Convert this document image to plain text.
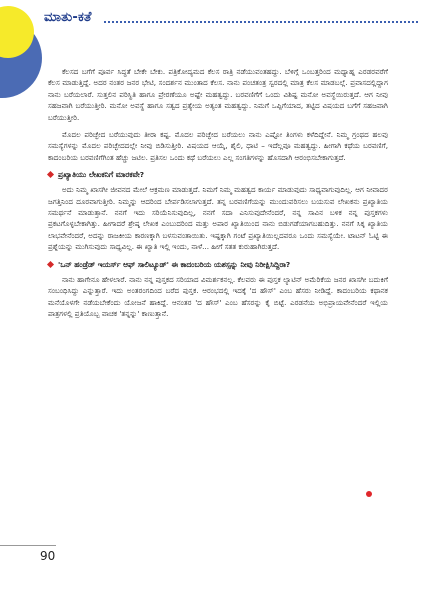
ಮಾತು-ಕತೆ

ಕೆಲಸದ ಬಗೆಗೆ ಪೂರ್ವ ಸಿದ್ಧತೆ ಬೇಕೇ ಬೇಕು. ಪತ್ರಿಕೋದ್ಯಮದ ಕೆಲಸ ರಾತ್ರಿ ನಡೆಯುವಂತಹದ್ದು. ಬೆಳಿಗ್ಗೆ ಒಂಬತ್ತರಿಂದ ಮಧ್ಯಾಹ್ನ ಎರಡರವರೆಗೆ ಕೆಲಸ ಮಾಡುತ್ತಿದ್ದೆ. ಅದರ ನಂತರ ಜನರ ಭೇಟಿ, ಸಂದರ್ಶನ ಮುಂತಾದ ಕೆಲಸ. ನಾನು ಪಂಚತಂತ್ರ ಸ್ವರದಲ್ಲಿ ಮಾತ್ರ ಕೆಲಸ ಮಾಡಬಲ್ಲೆ. ಪ್ರವಾಸದಲ್ಲಿದ್ದಾಗ ನಾನು ಬರೆಯಲಾರೆ. ಸುತ್ತಲಿನ ಪರಿಸ್ಥಿತಿ ಹಾಗೂ ಪ್ರೇರಣೆಯೂ ಅಷ್ಟೇ ಮಹತ್ವದ್ದು. ಬರವಣಿಗೆಗೆ ಒಂದು ವಿಶಿಷ್ಟ ಮನೋ ಅವಸ್ಥೆಯಿರುತ್ತದೆ. ಆಗ ನೀವು ಸಹಜವಾಗಿ ಬರೆಯುತ್ತೀರಿ. ಮನೋ ಅವಸ್ಥೆ ಹಾಗೂ ಸತ್ವದ ಪ್ರತ್ಯೇಯ ಅತ್ಯಂತ ಮಹತ್ವದ್ದು. ನಿಮಗೆ ಒಪ್ಪಿಗೆಯಾದ, ತಟ್ಟಿದ ವಿಷಯದ ಬಗೆಗೆ ಸಹಜವಾಗಿ ಬರೆಯುತ್ತೀರಿ.

ಮೊದಲ ಪರಿಚ್ಛೇದ ಬರೆಯುವುದು ತೀರಾ ಕಷ್ಟ. ಮೊದಲ ಪರಿಚ್ಛೇದ ಬರೆಯಲು ನಾನು ಎಷ್ಟೋ ತಿಂಗಳು ಕಳೆದಿದ್ದೇನೆ. ನಿಮ್ಮ ಗ್ರಂಥದ ಹಲವು ಸಮಸ್ಯೆಗಳನ್ನು ಮೊದಲ ಪರಿಚ್ಛೇದದಲ್ಲೇ ನೀವು ಬಿಡಿಸುತ್ತೀರಿ. ವಿಷಯದ ಆಯ್ಕೆ, ಶೈಲಿ, ಧಾಟಿ – ಇದೆಲ್ಲವೂ ಮಹತ್ವದ್ದು. ಹೀಗಾಗಿ ಕಥೆಯ ಬರವಣಿಗೆ, ಕಾದಂಬರಿಯ ಬರವಣಿಗೆಗಿಂತ ಹೆಚ್ಚು ಜಟಿಲ. ಪ್ರತಿಸಲ ಒಂದು ಕಥೆ ಬರೆಯಲು ಎಲ್ಲ ಸಂಗತಿಗಳನ್ನು ಹೊಸದಾಗಿ ಆರಂಭಿಸಬೇಕಾಗುತ್ತದೆ.

ಪ್ರಖ್ಯಾತಿಯು ಲೇಖಕನಿಗೆ ಮಾರಕವೇ?

ಅದು ನಿಮ್ಮ ಖಾಸಗೀ ಜೀವನದ ಮೇಲೆ ಆಕ್ರಮಣ ಮಾಡುತ್ತದೆ. ನಿಮಗೆ ನಿಮ್ಮ ಮಹತ್ವದ ಕಾರ್ಯ ಮಾಡುವುದು ಸಾಧ್ಯವಾಗುವುದಿಲ್ಲ. ಆಗ ನೀವಾದರ ಜಗತ್ತಿನಿಂದ ದೂರವಾಗುತ್ತೀರಿ. ನಿಮ್ಮನ್ನು ಆದರಿಂದ ಬೇರ್ಪಡಿಸಲಾಗುತ್ತದೆ. ತನ್ನ ಬರವಣಿಗೆಯನ್ನು ಮುಂದುವರಿಸಲು ಬಯಸುವ ಲೇಖಕನು ಪ್ರಖ್ಯಾತಿಯ ಸಮರ್ಥನೆ ಮಾಡುತ್ತಾನೆ. ನನಗೆ ಇದು ಸರಿಯೆನಿಸುವುದಿಲ್ಲ, ನನಗೆ ಸದಾ ಎನಿಸುವುದೇನೆಂದರೆ, ನನ್ನ ಸಾವಿನ ಬಳಿಕ ನನ್ನ ಪುಸ್ತಕಗಳು ಪ್ರಕಟಗೊಳ್ಳಬೇಕಾಗಿತ್ತು. ಹೀಗಾದರೆ ಶ್ರೇಷ್ಠ ಲೇಖಕ ಎಂಬುದರಿಂದ ಮತ್ತು ಅಪಾರ ಖ್ಯಾತಿಯಿಂದ ನಾನು ಬಿಡುಗಡೆಯಾಗಬಹುದಿತ್ತು. ನನಗೆ ಸಿಕ್ಕ ಖ್ಯಾತಿಯ ಲಾಭವೇನೆಂದರೆ, ಅದನ್ನು ರಾಜಕೀಯ ಕಾರಣಕ್ಕಾಗಿ ಬಳಸುವಂತಾಯಿತು. ಇಷ್ಟಕ್ಕಾಗಿ ಗಂಟೆ ಪ್ರಖ್ಯಾತಿಯಿಲ್ಲದವರೂ ಒಂದು ಸಮಸ್ಯೆಯೇ. ಟಾಟನ್ ಓಟ್ಟಿ ಈ ಪ್ರಶ್ನೆಯನ್ನು ಮುಗಿಸುವುದು ಸಾಧ್ಯವಿಲ್ಲ. ಈ ಖ್ಯಾತಿ ಇಲ್ಲಿ ಇಂದು, ನಾಳೆ... ಹೀಗೆ ಸತತ ಕುರುಹಾಗಿರುತ್ತದೆ.

'ಒನ್ ಹಂಡ್ರೆಡ್ ಇಯರ್ಸ್ ಆಫ್ ಸಾಲಿಟ್ಯೂಡ್' ಈ ಕಾದಂಬರಿಯ ಯಶಸ್ಸನ್ನು ನೀವು ನಿರೀಕ್ಷಿಸಿದ್ದಿರಾ?

ನಾನು ಹಾಗೇನೂ ಹೇಳಲಾರೆ. ನಾನು ನನ್ನ ಪುಸ್ತಕದ ಸರಿಯಾದ ವಿಮರ್ಶಕನಲ್ಲ. ಕೆಲವರು ಈ ಪುಸ್ತಕ ಲ್ಯಾಟಿನ್ ಅಮೆರಿಕೆಯ ಜನರ ಖಾಸಗೀ ಬದುಕಿಗೆ ಸಂಬಂಧಿಸಿದ್ದು ಎನ್ನುತ್ತಾರೆ. ಇದು ಅಂತರಂಗದಿಂದ ಬರೆದ ಪುಸ್ತಕ. ಆರಂಭದಲ್ಲಿ ಇದಕ್ಕೆ 'ದ ಹೌಸ್' ಎಂಬ ಹೆಸರು ನೀಡಿದ್ದೆ. ಕಾದಂಬರಿಯ ಕಥಾನಕ ಮನೆಯೊಳಗೇ ನಡೆಯಬೇಕೆಂದು ಯೋಜನೆ ಹಾಕಿದ್ದೆ. ಆನಂತರ 'ದ ಹೌಸ್' ಎಂಬ ಹೆಸರನ್ನು ಕೈ ಬಿಟ್ಟೆ. ಎರಡನೆಯ ಅಭಿಪ್ರಾಯವೇನೆಂದರೆ ಇಲ್ಲಿಯ ಪಾತ್ರಗಳಲ್ಲಿ ಪ್ರತಿಯೊಬ್ಬ ವಾಚಕ 'ತನ್ನನ್ನು' ಕಾಣುತ್ತಾನೆ.

90
